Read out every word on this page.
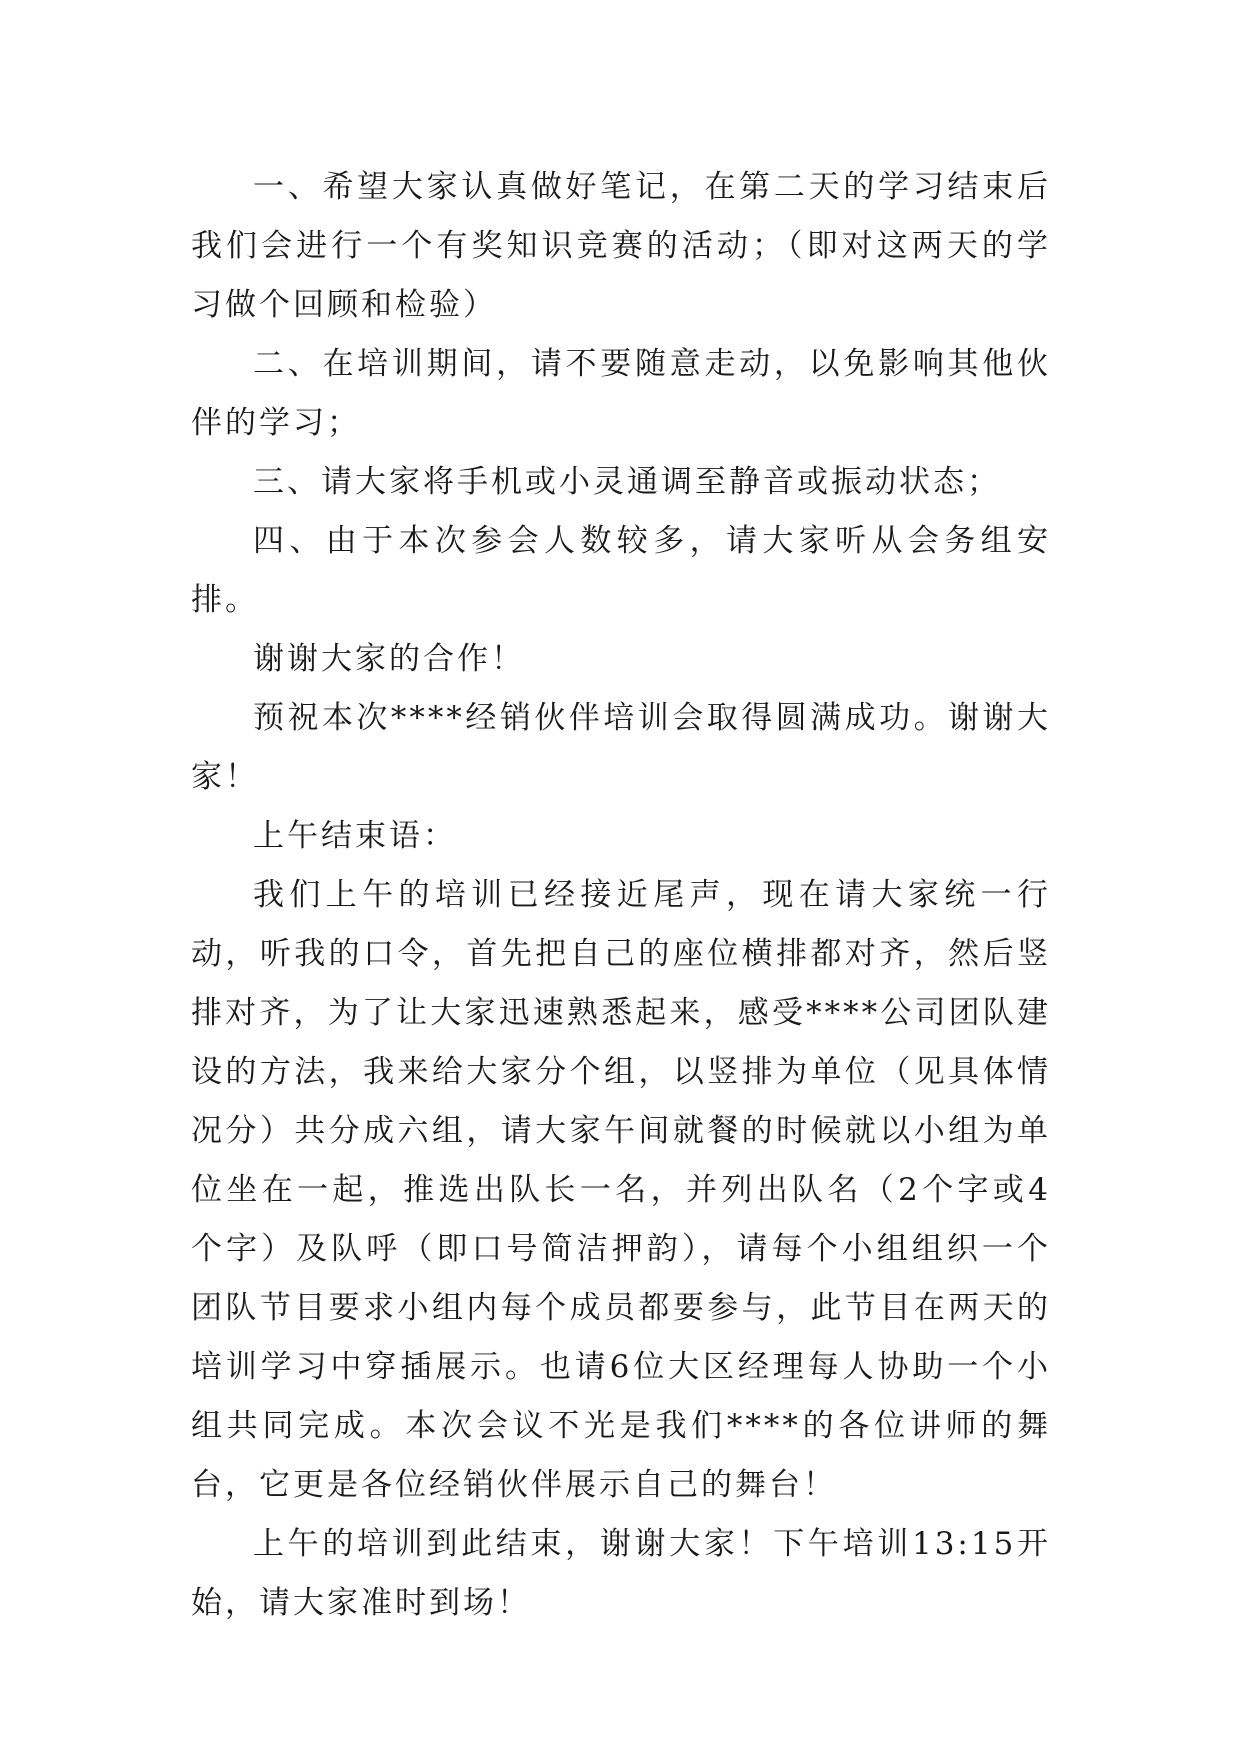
一、希望大家认真做好笔记，在第二天的学习结束后我们会进行一个有奖知识竞赛的活动；（即对这两天的学习做个回顾和检验）

二、在培训期间，请不要随意走动，以免影响其他伙伴的学习；

三、请大家将手机或小灵通调至静音或振动状态；

四、由于本次参会人数较多，请大家听从会务组安排。

谢谢大家的合作！

预祝本次****经销伙伴培训会取得圆满成功。谢谢大家！

上午结束语：

我们上午的培训已经接近尾声，现在请大家统一行动，听我的口令，首先把自己的座位横排都对齐，然后竖排对齐，为了让大家迅速熟悉起来，感受****公司团队建设的方法，我来给大家分个组，以竖排为单位（见具体情况分）共分成六组，请大家午间就餐的时候就以小组为单位坐在一起，推选出队长一名，并列出队名（2个字或4个字）及队呼（即口号简洁押韵），请每个小组组织一个团队节目要求小组内每个成员都要参与，此节目在两天的培训学习中穿插展示。也请6位大区经理每人协助一个小组共同完成。本次会议不光是我们****的各位讲师的舞台，它更是各位经销伙伴展示自己的舞台！

上午的培训到此结束，谢谢大家！下午培训13:15开始，请大家准时到场！
